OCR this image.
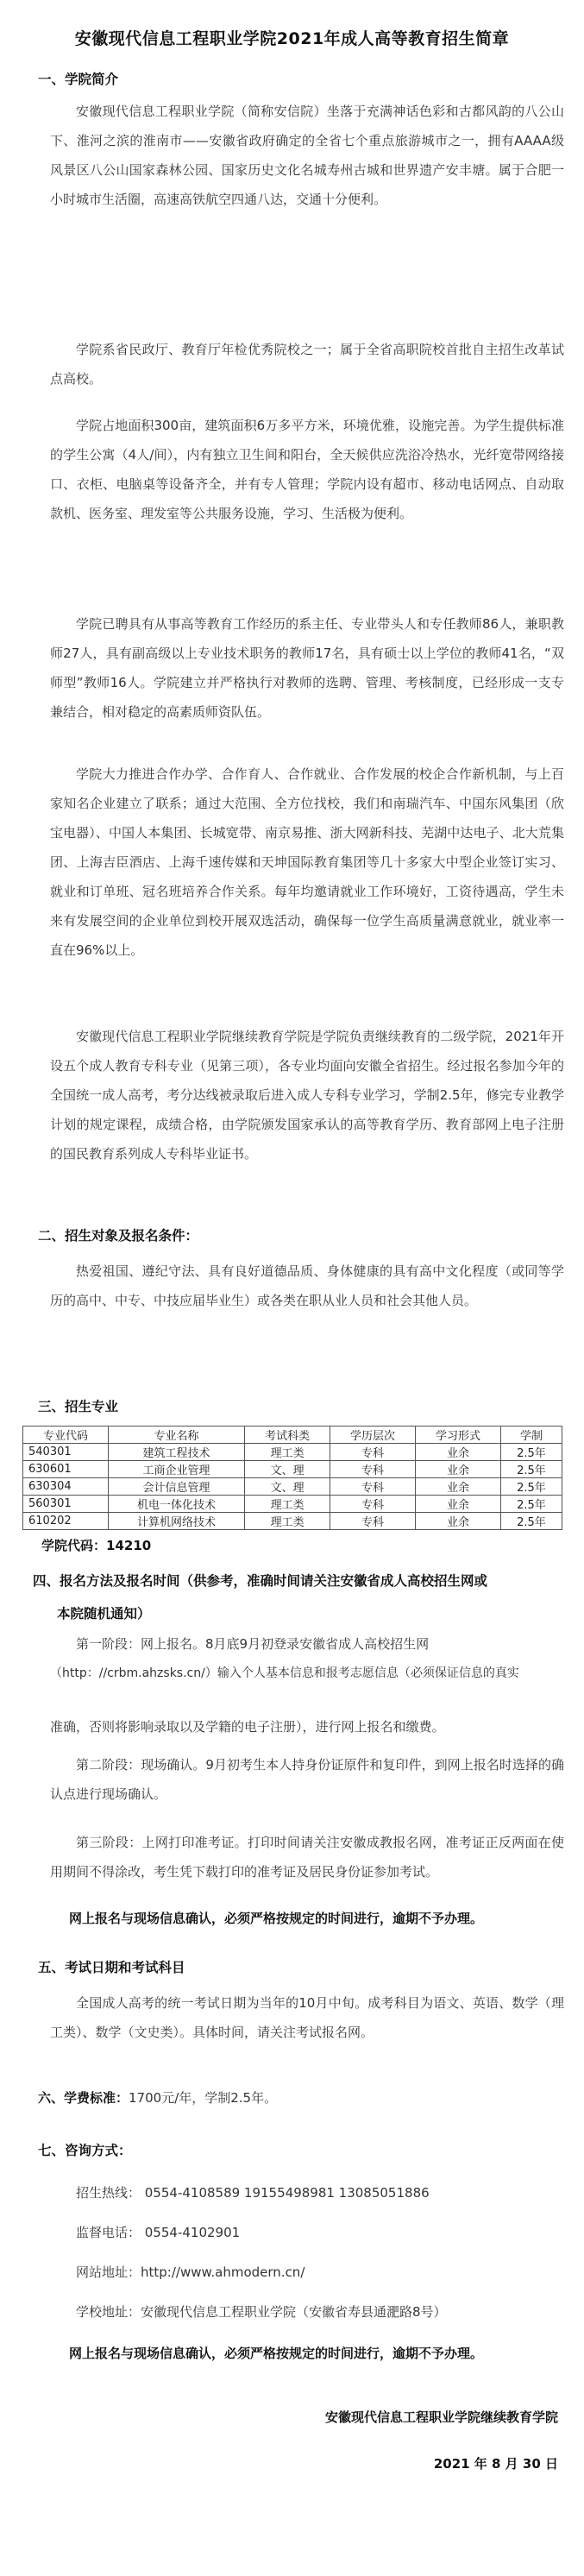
安徽现代信息工程职业学院2021年成人高等教育招生简章
一、学院简介

安徽现代信息工程职业学院（简称安信院）坐落于充满神话色彩和古都风韵的八公山下、淮河之滨的淮南市——安徽省政府确定的全省七个重点旅游城市之一，拥有AAAA级风景区八公山国家森林公园、国家历史文化名城寿州古城和世界遗产安丰塘。属于合肥一小时城市生活圈，高速高铁航空四通八达，交通十分便利。

学院系省民政厅、教育厅年检优秀院校之一；属于全省高职院校首批自主招生改革试点高校。

学院占地面积300亩，建筑面积6万多平方米，环境优雅，设施完善。为学生提供标准的学生公寓（4人/间），内有独立卫生间和阳台，全天候供应洗浴冷热水，光纤宽带网络接口、衣柜、电脑桌等设备齐全，并有专人管理；学院内设有超市、移动电话网点、自动取款机、医务室、理发室等公共服务设施，学习、生活极为便利。

学院已聘具有从事高等教育工作经历的系主任、专业带头人和专任教师86人，兼职教师27人，具有副高级以上专业技术职务的教师17名，具有硕士以上学位的教师41名，“双师型”教师16人。学院建立并严格执行对教师的选聘、管理、考核制度，已经形成一支专兼结合，相对稳定的高素质师资队伍。

学院大力推进合作办学、合作育人、合作就业、合作发展的校企合作新机制，与上百家知名企业建立了联系；通过大范围、全方位找校，我们和南瑞汽车、中国东风集团（欣宝电器）、中国人本集团、长城宽带、南京易推、浙大网新科技、芜湖中达电子、北大荒集团、上海吉臣酒店、上海千速传媒和天坤国际教育集团等几十多家大中型企业签订实习、就业和订单班、冠名班培养合作关系。每年均邀请就业工作环境好，工资待遇高，学生未来有发展空间的企业单位到校开展双选活动，确保每一位学生高质量满意就业，就业率一直在96%以上。

安徽现代信息工程职业学院继续教育学院是学院负责继续教育的二级学院，2021年开设五个成人教育专科专业（见第三项），各专业均面向安徽全省招生。经过报名参加今年的全国统一成人高考，考分达线被录取后进入成人专科专业学习，学制2.5年，修完专业教学计划的规定课程，成绩合格，由学院颁发国家承认的高等教育学历、教育部网上电子注册的国民教育系列成人专科毕业证书。

二、招生对象及报名条件：

热爱祖国、遵纪守法、具有良好道德品质、身体健康的具有高中文化程度（或同等学历的高中、中专、中技应届毕业生）或各类在职从业人员和社会其他人员。

三、招生专业
专业代码	专业名称	考试科类	学历层次	学习形式	学制
540301	建筑工程技术	理工类	专科	业余	2.5年
630601	工商企业管理	文、理	专科	业余	2.5年
630304	会计信息管理	文、理	专科	业余	2.5年
560301	机电一体化技术	理工类	专科	业余	2.5年
610202	计算机网络技术	理工类	专科	业余	2.5年
学院代码：14210
四、报名方法及报名时间（供参考，准确时间请关注安徽省成人高校招生网或
本院随机通知）
第一阶段：网上报名。8月底9月初登录安徽省成人高校招生网
（http：//crbm.ahzsks.cn/）输入个人基本信息和报考志愿信息（必须保证信息的真实
准确，否则将影响录取以及学籍的电子注册），进行网上报名和缴费。

第二阶段：现场确认。9月初考生本人持身份证原件和复印件，到网上报名时选择的确认点进行现场确认。

第三阶段：上网打印准考证。打印时间请关注安徽成教报名网，准考证正反两面在使用期间不得涂改，考生凭下载打印的准考证及居民身份证参加考试。

网上报名与现场信息确认，必须严格按规定的时间进行，逾期不予办理。
五、考试日期和考试科目

全国成人高考的统一考试日期为当年的10月中旬。成考科目为语文、英语、数学（理工类）、数学（文史类）。具体时间，请关注考试报名网。

六、学费标准：1700元/年，学制2.5年。
七、咨询方式：
招生热线： 0554-4108589 19155498981 13085051886
监督电话： 0554-4102901
网站地址：http://www.ahmodern.cn/
学校地址：安徽现代信息工程职业学院（安徽省寿县通淝路8号）
网上报名与现场信息确认，必须严格按规定的时间进行，逾期不予办理。
安徽现代信息工程职业学院继续教育学院
2021 年 8 月 30 日
